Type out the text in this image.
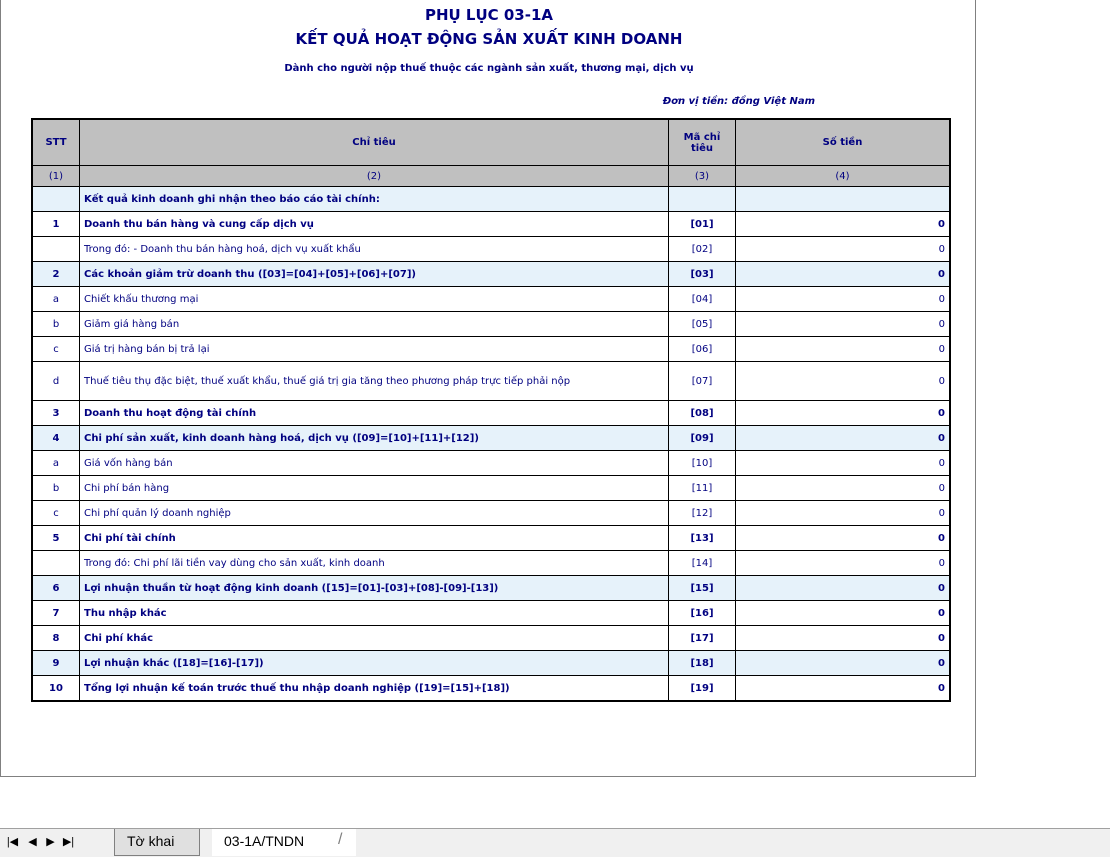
PHỤ LỤC 03-1A
KẾT QUẢ HOẠT ĐỘNG SẢN XUẤT KINH DOANH
Dành cho người nộp thuế thuộc các ngành sản xuất, thương mại, dịch vụ
Đơn vị tiền: đồng Việt Nam
STT	Chỉ tiêu	Mã chỉ tiêu	Số tiền
(1)	(2)	(3)	(4)
	Kết quả kinh doanh ghi nhận theo báo cáo tài chính:		
1	Doanh thu bán hàng và cung cấp dịch vụ	[01]	0
	Trong đó: - Doanh thu bán hàng hoá, dịch vụ xuất khẩu	[02]	0
2	Các khoản giảm trừ doanh thu ([03]=[04]+[05]+[06]+[07])	[03]	0
a	Chiết khấu thương mại	[04]	0
b	Giảm giá hàng bán	[05]	0
c	Giá trị hàng bán bị trả lại	[06]	0
d	Thuế tiêu thụ đặc biệt, thuế xuất khẩu, thuế giá trị gia tăng theo phương pháp trực tiếp phải nộp	[07]	0
3	Doanh thu hoạt động tài chính	[08]	0
4	Chi phí sản xuất, kinh doanh hàng hoá, dịch vụ ([09]=[10]+[11]+[12])	[09]	0
a	Giá vốn hàng bán	[10]	0
b	Chi phí bán hàng	[11]	0
c	Chi phí quản lý doanh nghiệp	[12]	0
5	Chi phí tài chính	[13]	0
	Trong đó: Chi phí lãi tiền vay dùng cho sản xuất, kinh doanh	[14]	0
6	Lợi nhuận thuần từ hoạt động kinh doanh ([15]=[01]-[03]+[08]-[09]-[13])	[15]	0
7	Thu nhập khác	[16]	0
8	Chi phí khác	[17]	0
9	Lợi nhuận khác ([18]=[16]-[17])	[18]	0
10	Tổng lợi nhuận kế toán trước thuế thu nhập doanh nghiệp ([19]=[15]+[18])	[19]	0
|◀ ◀ ▶ ▶|	Tờ khai	03-1A/TNDN	/
